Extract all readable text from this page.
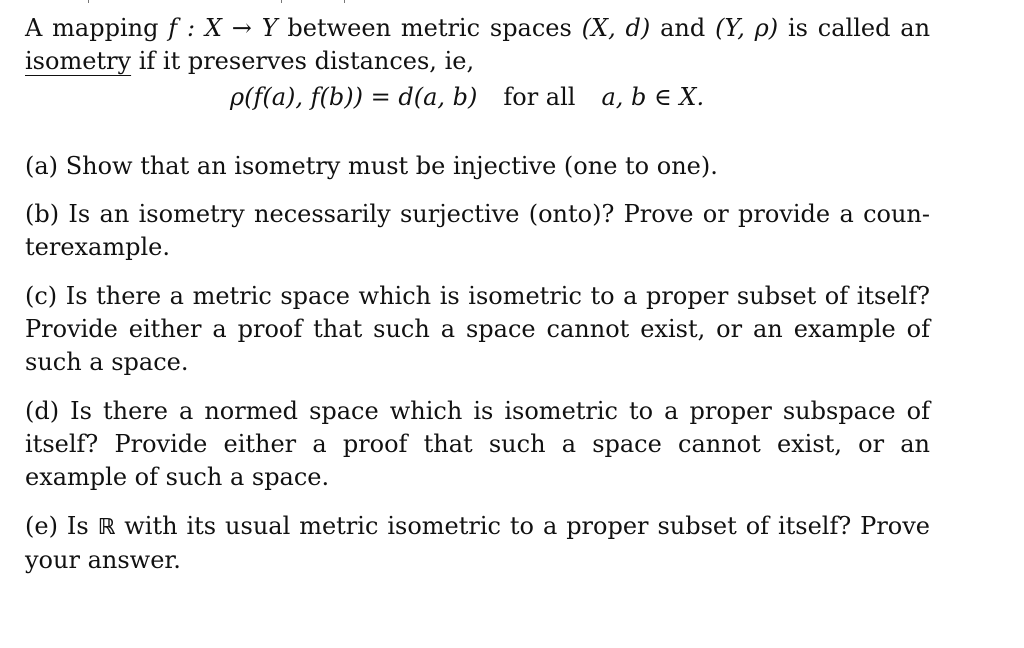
A mapping f : X → Y between metric spaces (X, d) and (Y, ρ) is called an
isometry if it preserves distances, ie,
ρ(f(a), f(b)) = d(a, b) for all a, b ∈ X.
(a) Show that an isometry must be injective (one to one).
(b) Is an isometry necessarily surjective (onto)? Prove or provide a coun-terexample.
(c) Is there a metric space which is isometric to a proper subset of itself? Provide either a proof that such a space cannot exist, or an example of such a space.
(d) Is there a normed space which is isometric to a proper subspace of itself? Provide either a proof that such a space cannot exist, or an example of such a space.
(e) Is ℝ with its usual metric isometric to a proper subset of itself? Prove your answer.
